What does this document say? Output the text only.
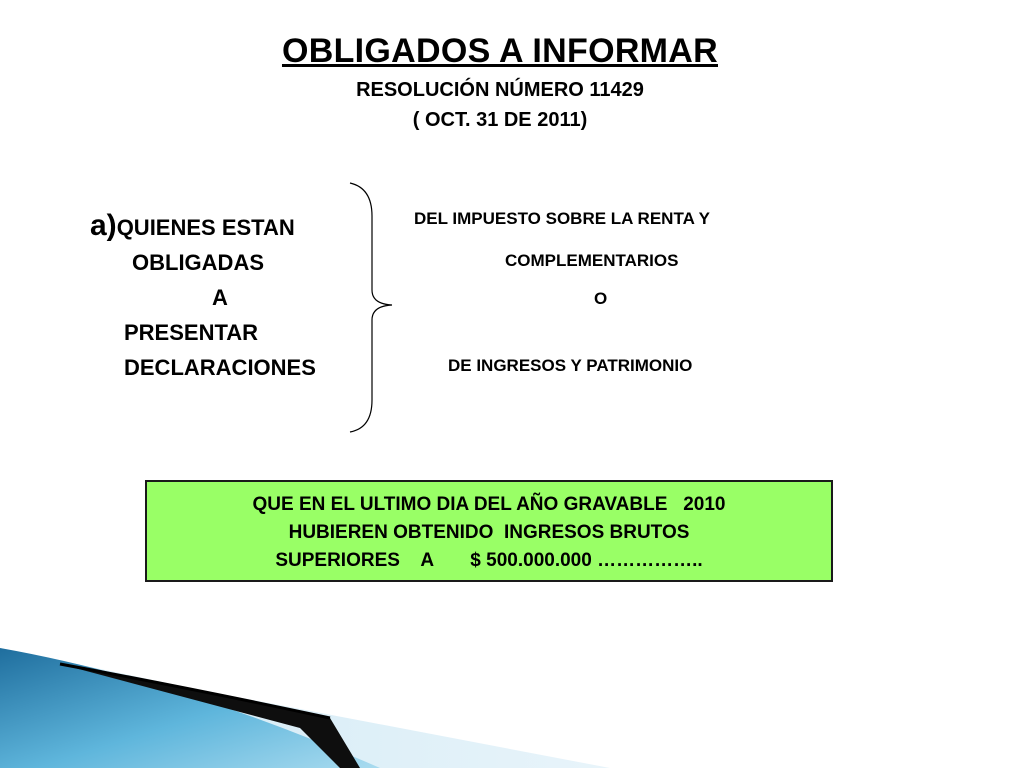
OBLIGADOS A INFORMAR
RESOLUCIÓN NÚMERO 11429
( OCT. 31 DE 2011)
a)QUIENES ESTAN
OBLIGADAS
A
PRESENTAR
DECLARACIONES
DEL IMPUESTO SOBRE LA RENTA Y
COMPLEMENTARIOS
O
DE INGRESOS Y PATRIMONIO
QUE EN EL ULTIMO DIA DEL AÑO GRAVABLE   2010
HUBIEREN OBTENIDO  INGRESOS BRUTOS
SUPERIORES    A       $ 500.000.000 ……………..
